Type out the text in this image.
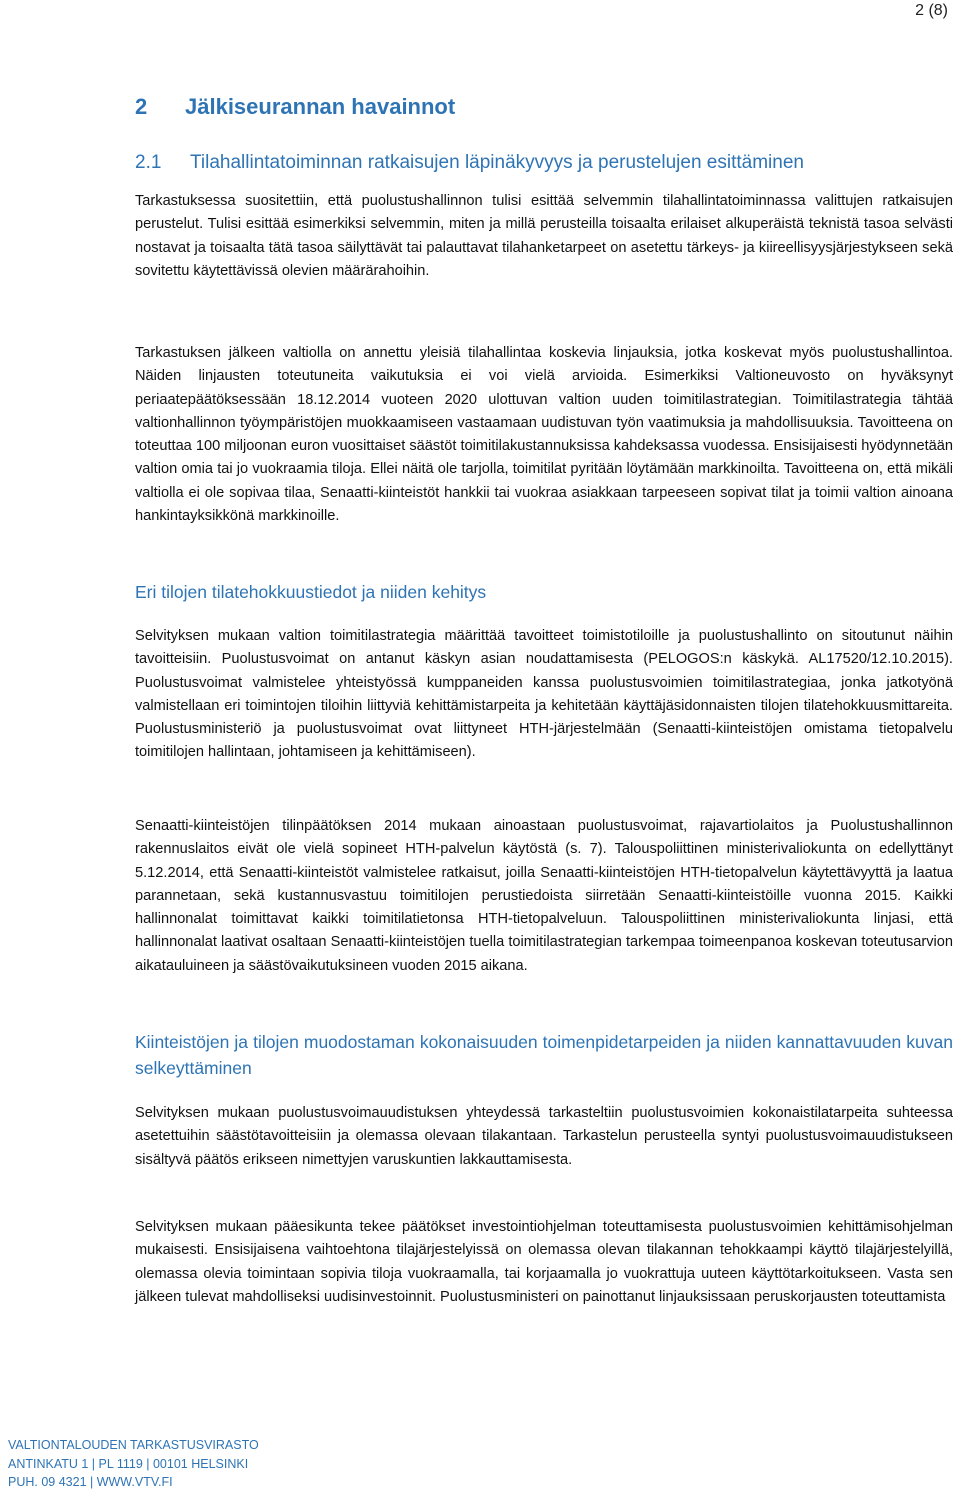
2 (8)
2 Jälkiseurannan havainnot
2.1 Tilahallintatoiminnan ratkaisujen läpinäkyvyys ja perustelujen esittäminen

Tarkastuksessa suositettiin, että puolustushallinnon tulisi esittää selvemmin tilahallintatoiminnassa valittujen ratkaisujen perustelut. Tulisi esittää esimerkiksi selvemmin, miten ja millä perusteilla toisaalta erilaiset alkuperäistä teknistä tasoa selvästi nostavat ja toisaalta tätä tasoa säilyttävät tai palauttavat tilahanketarpeet on asetettu tärkeys- ja kiireellisyysjärjestykseen sekä sovitettu käytettävissä olevien määrärahoihin.

Tarkastuksen jälkeen valtiolla on annettu yleisiä tilahallintaa koskevia linjauksia, jotka koskevat myös puolustushallintoa. Näiden linjausten toteutuneita vaikutuksia ei voi vielä arvioida. Esimerkiksi Valtioneuvosto on hyväksynyt periaatepäätöksessään 18.12.2014 vuoteen 2020 ulottuvan valtion uuden toimitilastrategian. Toimitilastrategia tähtää valtionhallinnon työympäristöjen muokkaamiseen vastaamaan uudistuvan työn vaatimuksia ja mahdollisuuksia. Tavoitteena on toteuttaa 100 miljoonan euron vuosittaiset säästöt toimitilakustannuksissa kahdeksassa vuodessa. Ensisijaisesti hyödynnetään valtion omia tai jo vuokraamia tiloja. Ellei näitä ole tarjolla, toimitilat pyritään löytämään markkinoilta. Tavoitteena on, että mikäli valtiolla ei ole sopivaa tilaa, Senaatti-kiinteistöt hankkii tai vuokraa asiakkaan tarpeeseen sopivat tilat ja toimii valtion ainoana hankintayksikkönä markkinoille.

Eri tilojen tilatehokkuustiedot ja niiden kehitys

Selvityksen mukaan valtion toimitilastrategia määrittää tavoitteet toimistotiloille ja puolustushallinto on sitoutunut näihin tavoitteisiin. Puolustusvoimat on antanut käskyn asian noudattamisesta (PELOGOS:n käskykä. AL17520/12.10.2015). Puolustusvoimat valmistelee yhteistyössä kumppaneiden kanssa puolustusvoimien toimitilastrategiaa, jonka jatkotyönä valmistellaan eri toimintojen tiloihin liittyviä kehittämistarpeita ja kehitetään käyttäjäsidonnaisten tilojen tilatehokkuusmittareita. Puolustusministeriö ja puolustusvoimat ovat liittyneet HTH-järjestelmään (Senaatti-kiinteistöjen omistama tietopalvelu toimitilojen hallintaan, johtamiseen ja kehittämiseen).

Senaatti-kiinteistöjen tilinpäätöksen 2014 mukaan ainoastaan puolustusvoimat, rajavartiolaitos ja Puolustushallinnon rakennuslaitos eivät ole vielä sopineet HTH-palvelun käytöstä (s. 7). Talouspoliittinen ministerivaliokunta on edellyttänyt 5.12.2014, että Senaatti-kiinteistöt valmistelee ratkaisut, joilla Senaatti-kiinteistöjen HTH-tietopalvelun käytettävyyttä ja laatua parannetaan, sekä kustannusvastuu toimitilojen perustiedoista siirretään Senaatti-kiinteistöille vuonna 2015. Kaikki hallinnonalat toimittavat kaikki toimitilatietonsa HTH-tietopalveluun. Talouspoliittinen ministerivaliokunta linjasi, että hallinnonalat laativat osaltaan Senaatti-kiinteistöjen tuella toimitilastrategian tarkempaa toimeenpanoa koskevan toteutusarvion aikatauluineen ja säästövaikutuksineen vuoden 2015 aikana.

Kiinteistöjen ja tilojen muodostaman kokonaisuuden toimenpidetarpeiden ja niiden kannattavuuden kuvan selkeyttäminen

Selvityksen mukaan puolustusvoimauudistuksen yhteydessä tarkasteltiin puolustusvoimien kokonaistilatarpeita suhteessa asetettuihin säästötavoitteisiin ja olemassa olevaan tilakantaan. Tarkastelun perusteella syntyi puolustusvoimauudistukseen sisältyvä päätös erikseen nimettyjen varuskuntien lakkauttamisesta.

Selvityksen mukaan pääesikunta tekee päätökset investointiohjelman toteuttamisesta puolustusvoimien kehittämisohjelman mukaisesti. Ensisijaisena vaihtoehtona tilajärjestelyissä on olemassa olevan tilakannan tehokkaampi käyttö tilajärjestelyillä, olemassa olevia toimintaan sopivia tiloja vuokraamalla, tai korjaamalla jo vuokrattuja uuteen käyttötarkoitukseen. Vasta sen jälkeen tulevat mahdolliseksi uudisinvestoinnit. Puolustusministeri on painottanut linjauksissaan peruskorjausten toteuttamista

VALTIONTALOUDEN TARKASTUSVIRASTO
ANTINKATU 1 | PL 1119 | 00101 HELSINKI
PUH. 09 4321 | WWW.VTV.FI
